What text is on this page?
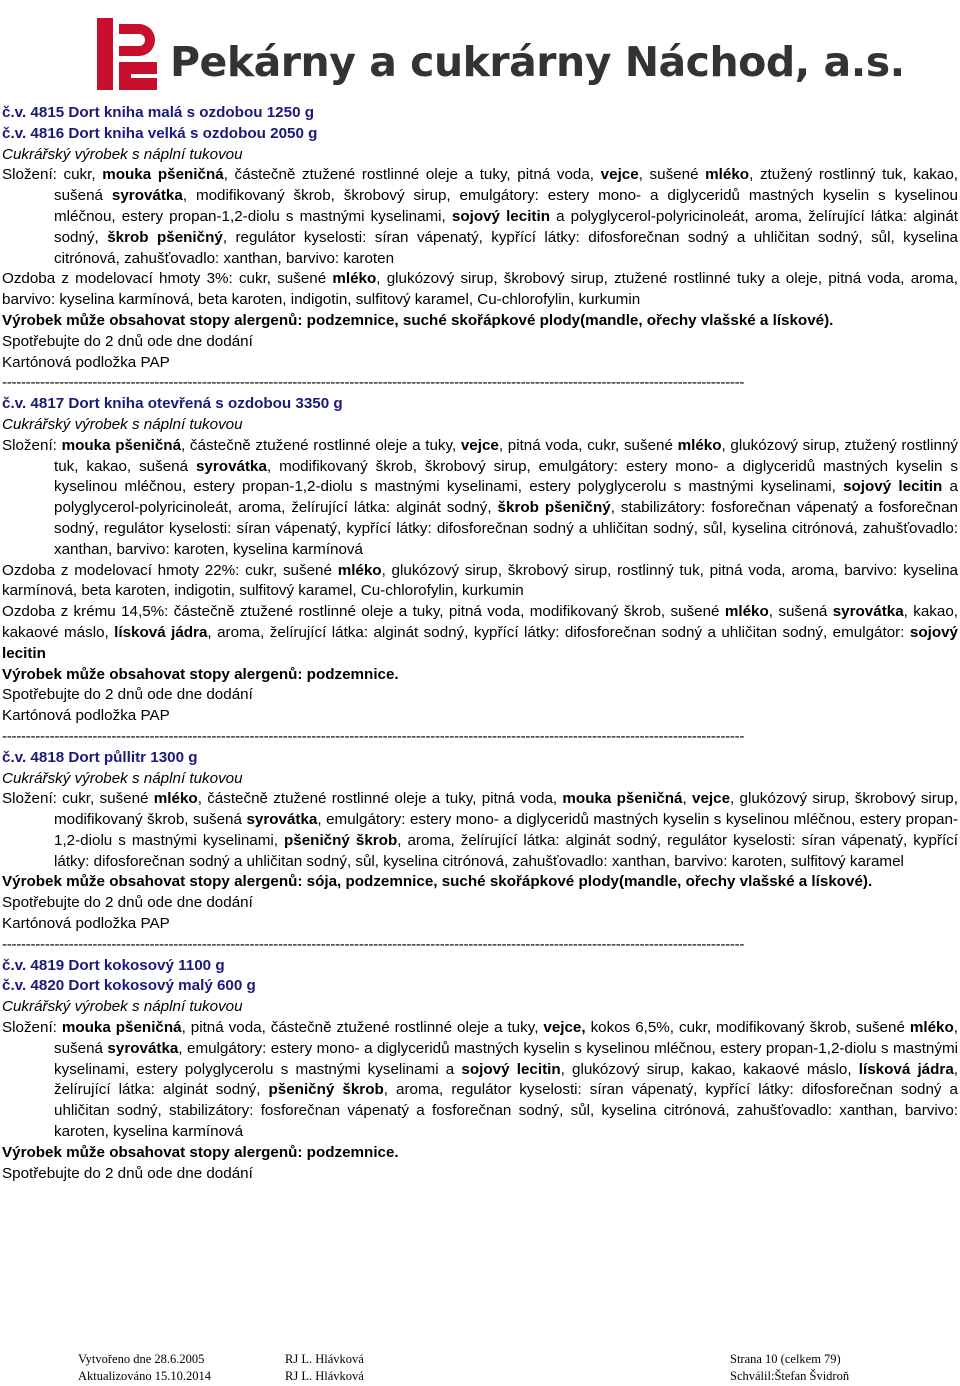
Pekárny a cukrárny Náchod, a.s.

č.v. 4815 Dort kniha malá s ozdobou 1250 g

č.v. 4816 Dort kniha velká s ozdobou 2050 g

Cukrářský výrobek s náplní tukovou

Složení: cukr, mouka pšeničná, částečně ztužené rostlinné oleje a tuky, pitná voda, vejce, sušené mléko, ztužený rostlinný tuk, kakao, sušená syrovátka, modifikovaný škrob, škrobový sirup, emulgátory: estery mono- a diglyceridů mastných kyselin s kyselinou mléčnou, estery propan-1,2-diolu s mastnými kyselinami, sojový lecitin a polyglycerol-polyricinoleát, aroma, želírující látka: alginát sodný, škrob pšeničný, regulátor kyselosti: síran vápenatý, kypřící látky: difosforečnan sodný a uhličitan sodný, sůl, kyselina citrónová, zahušťovadlo: xanthan, barvivo: karoten

Ozdoba z modelovací hmoty 3%: cukr, sušené mléko, glukózový sirup, škrobový sirup, ztužené rostlinné tuky a oleje, pitná voda, aroma, barvivo: kyselina karmínová, beta karoten, indigotin, sulfitový karamel, Cu-chlorofylin, kurkumin

Výrobek může obsahovat stopy alergenů: podzemnice, suché skořápkové plody(mandle, ořechy vlašské a lískové).

Spotřebujte do 2 dnů ode dne dodání

Kartónová podložka PAP

------------------------------------------------------------------------------------------------------------------------------------------------------------

č.v. 4817 Dort kniha otevřená s ozdobou 3350 g

Cukrářský výrobek s náplní tukovou

Složení: mouka pšeničná, částečně ztužené rostlinné oleje a tuky, vejce, pitná voda, cukr, sušené mléko, glukózový sirup, ztužený rostlinný tuk, kakao, sušená syrovátka, modifikovaný škrob, škrobový sirup, emulgátory: estery mono- a diglyceridů mastných kyselin s kyselinou mléčnou, estery propan-1,2-diolu s mastnými kyselinami, estery polyglycerolu s mastnými kyselinami, sojový lecitin a polyglycerol-polyricinoleát, aroma, želírující látka: alginát sodný, škrob pšeničný, stabilizátory: fosforečnan vápenatý a fosforečnan sodný, regulátor kyselosti: síran vápenatý, kypřící látky: difosforečnan sodný a uhličitan sodný, sůl, kyselina citrónová, zahušťovadlo: xanthan, barvivo: karoten, kyselina karmínová

Ozdoba z modelovací hmoty 22%: cukr, sušené mléko, glukózový sirup, škrobový sirup, rostlinný tuk, pitná voda, aroma, barvivo: kyselina karmínová, beta karoten, indigotin, sulfitový karamel, Cu-chlorofylin, kurkumin

Ozdoba z krému 14,5%: částečně ztužené rostlinné oleje a tuky, pitná voda, modifikovaný škrob, sušené mléko, sušená syrovátka, kakao, kakaové máslo, lísková jádra, aroma, želírující látka: alginát sodný, kypřící látky: difosforečnan sodný a uhličitan sodný, emulgátor: sojový lecitin

Výrobek může obsahovat stopy alergenů: podzemnice.

Spotřebujte do 2 dnů ode dne dodání

Kartónová podložka PAP

------------------------------------------------------------------------------------------------------------------------------------------------------------

č.v. 4818 Dort půllitr 1300 g

Cukrářský výrobek s náplní tukovou

Složení: cukr, sušené mléko, částečně ztužené rostlinné oleje a tuky, pitná voda, mouka pšeničná, vejce, glukózový sirup, škrobový sirup, modifikovaný škrob, sušená syrovátka, emulgátory: estery mono- a diglyceridů mastných kyselin s kyselinou mléčnou, estery propan-1,2-diolu s mastnými kyselinami, pšeničný škrob, aroma, želírující látka: alginát sodný, regulátor kyselosti: síran vápenatý, kypřící látky: difosforečnan sodný a uhličitan sodný, sůl, kyselina citrónová, zahušťovadlo: xanthan, barvivo: karoten, sulfitový karamel

Výrobek může obsahovat stopy alergenů: sója, podzemnice, suché skořápkové plody(mandle, ořechy vlašské a lískové).

Spotřebujte do 2 dnů ode dne dodání

Kartónová podložka PAP

------------------------------------------------------------------------------------------------------------------------------------------------------------

č.v. 4819 Dort kokosový 1100 g

č.v. 4820 Dort kokosový malý 600 g

Cukrářský výrobek s náplní tukovou

Složení: mouka pšeničná, pitná voda, částečně ztužené rostlinné oleje a tuky, vejce, kokos 6,5%, cukr, modifikovaný škrob, sušené mléko, sušená syrovátka, emulgátory: estery mono- a diglyceridů mastných kyselin s kyselinou mléčnou, estery propan-1,2-diolu s mastnými kyselinami, estery polyglycerolu s mastnými kyselinami a sojový lecitin, glukózový sirup, kakao, kakaové máslo, lísková jádra, želírující látka: alginát sodný, pšeničný škrob, aroma, regulátor kyselosti: síran vápenatý, kypřící látky: difosforečnan sodný a uhličitan sodný, stabilizátory: fosforečnan vápenatý a fosforečnan sodný, sůl, kyselina citrónová, zahušťovadlo: xanthan, barvivo: karoten, kyselina karmínová

Výrobek může obsahovat stopy alergenů: podzemnice.

Spotřebujte do 2 dnů ode dne dodání

Vytvořeno dne 28.6.2005	RJ L. Hlávková	Strana 10 (celkem 79)
Aktualizováno 15.10.2014	RJ L. Hlávková	Schválil:Štefan Švidroň
